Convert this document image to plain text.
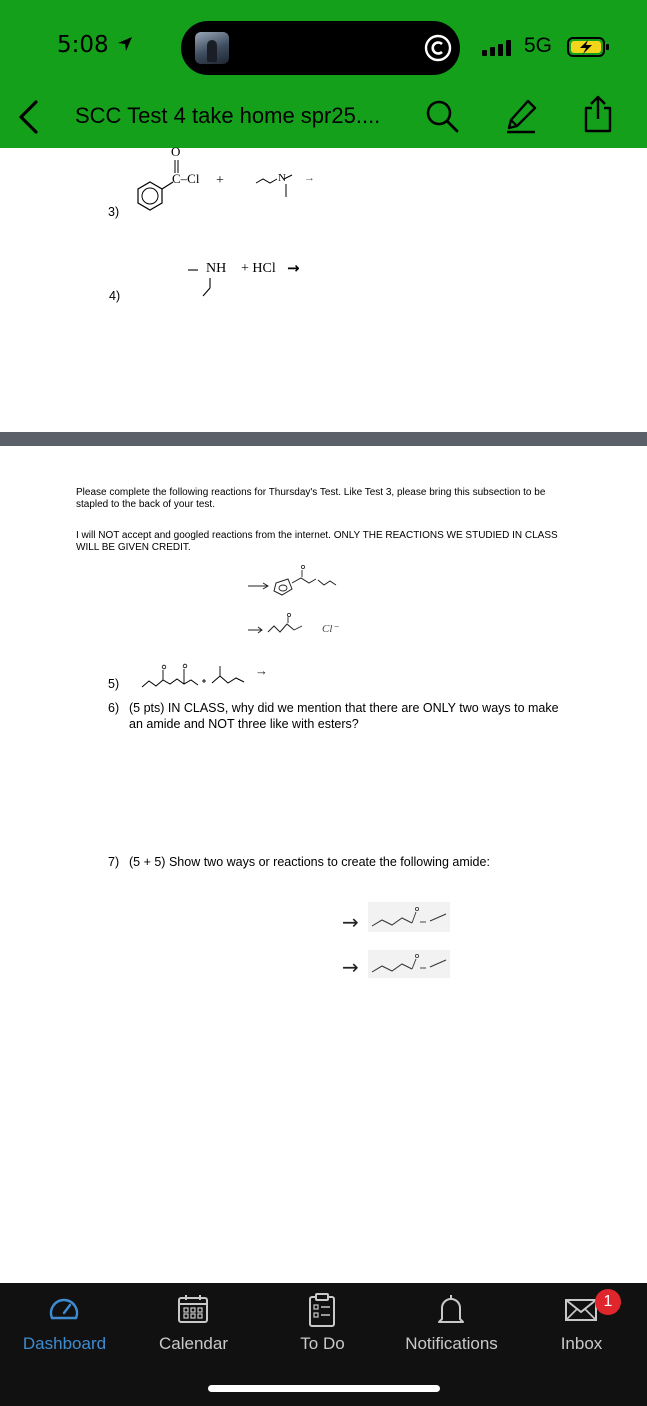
5:08	5G
SCC Test 4 take home spr25....
3)
O
C–Cl +	N →
4)
NH + HCl →
Please complete the following reactions for Thursday's Test. Like Test 3, please bring this subsection to be stapled to the back of your test.
I will NOT accept and googled reactions from the internet. ONLY THE REACTIONS WE STUDIED IN CLASS WILL BE GIVEN CREDIT.
Cl⁻
5)
→
6) (5 pts) IN CLASS, why did we mention that there are ONLY two ways to make an amide and NOT three like with esters?
7) (5 + 5) Show two ways or reactions to create the following amide:
→
→
Dashboard	Calendar	To Do	Notifications	Inbox
1
